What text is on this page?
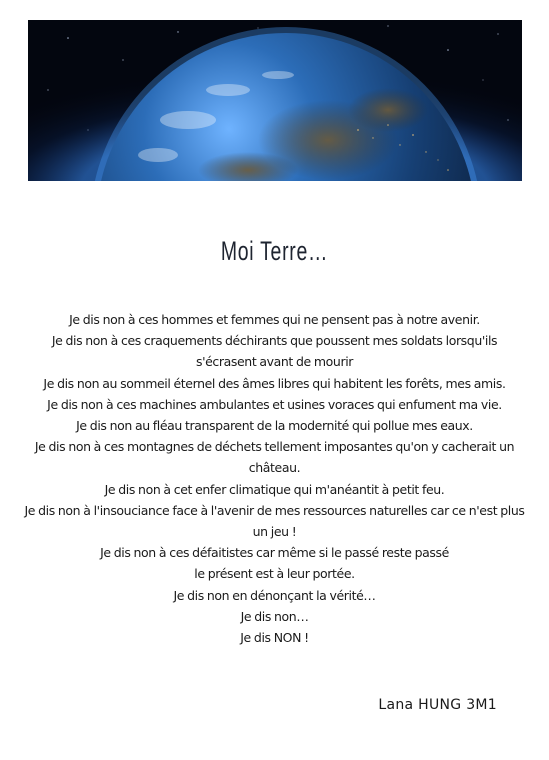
Moi Terre…
Je dis non à ces hommes et femmes qui ne pensent pas à notre avenir.
Je dis non à ces craquements déchirants que poussent mes soldats lorsqu'ils s'écrasent avant de mourir
Je dis non au sommeil éternel des âmes libres qui habitent les forêts, mes amis.
Je dis non à ces machines ambulantes et usines voraces qui enfument ma vie.
Je dis non au fléau transparent de la modernité qui pollue mes eaux.
Je dis non à ces montagnes de déchets tellement imposantes qu'on y cacherait un château.
Je dis non à cet enfer climatique qui m'anéantit à petit feu.
Je dis non à l'insouciance face à l'avenir de mes ressources naturelles car ce n'est plus un jeu !
Je dis non à ces défaitistes car même si le passé reste passé
le présent est à leur portée.
Je dis non en dénonçant la vérité…
Je dis non…
Je dis NON !
Lana HUNG 3M1
